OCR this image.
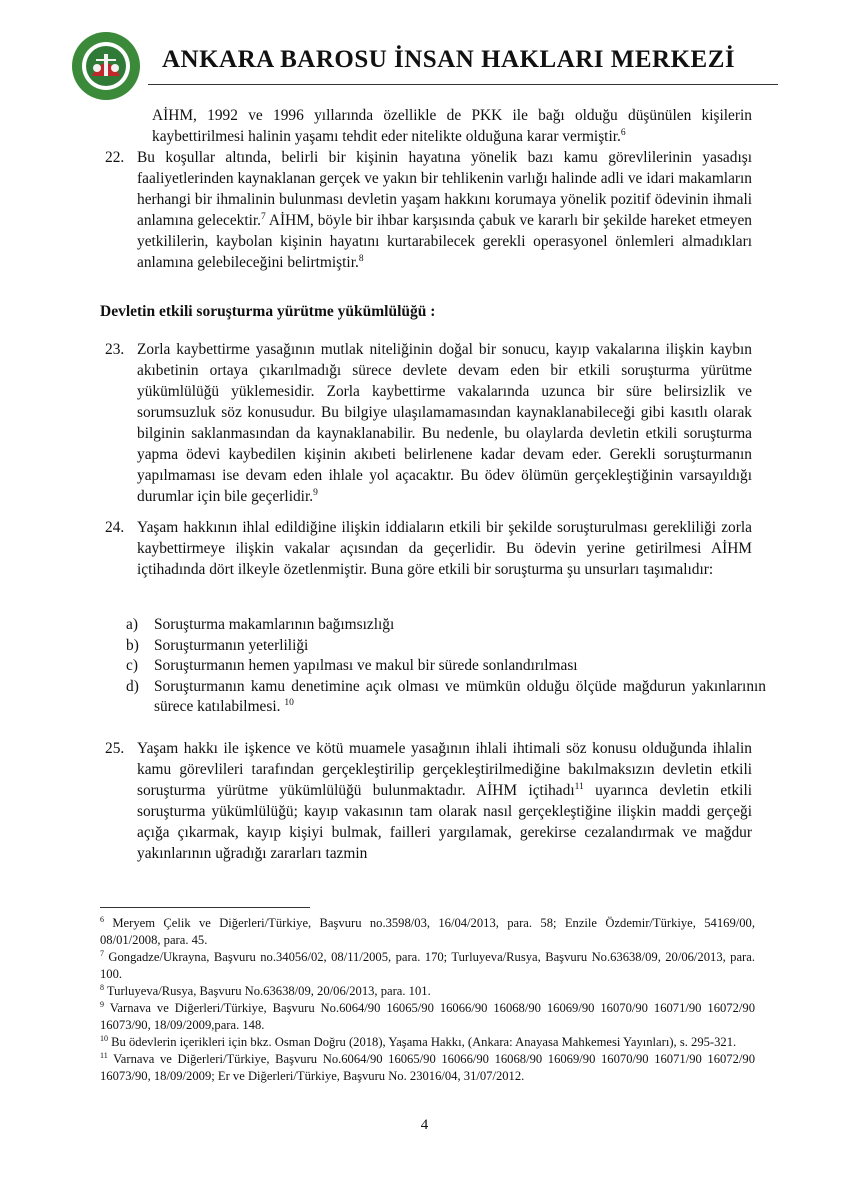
ANKARA BAROSU İNSAN HAKLARI MERKEZİ

AİHM, 1992 ve 1996 yıllarında özellikle de PKK ile bağı olduğu düşünülen kişilerin kaybettirilmesi halinin yaşamı tehdit eder nitelikte olduğuna karar vermiştir.$^6$

22. Bu koşullar altında, belirli bir kişinin hayatına yönelik bazı kamu görevlilerinin yasadışı faaliyetlerinden kaynaklanan gerçek ve yakın bir tehlikenin varlığı halinde adli ve idari makamların herhangi bir ihmalinin bulunması devletin yaşam hakkını korumaya yönelik pozitif ödevinin ihmali anlamına gelecektir.$^7$ AİHM, böyle bir ihbar karşısında çabuk ve kararlı bir şekilde hareket etmeyen yetkililerin, kaybolan kişinin hayatını kurtarabilecek gerekli operasyonel önlemleri almadıkları anlamına gelebileceğini belirtmiştir.$^8$

Devletin etkili soruşturma yürütme yükümlülüğü :
23. Zorla kaybettirme yasağının mutlak niteliğinin doğal bir sonucu, kayıp vakalarına ilişkin kaybın akıbetinin ortaya çıkarılmadığı sürece devlete devam eden bir etkili soruşturma yürütme yükümlülüğü yüklemesidir. Zorla kaybettirme vakalarında uzunca bir süre belirsizlik ve sorumsuzluk söz konusudur. Bu bilgiye ulaşılamamasından kaynaklanabileceği gibi kasıtlı olarak bilginin saklanmasından da kaynaklanabilir. Bu nedenle, bu olaylarda devletin etkili soruşturma yapma ödevi kaybedilen kişinin akıbeti belirlenene kadar devam eder. Gerekli soruşturmanın yapılmaması ise devam eden ihlale yol açacaktır. Bu ödev ölümün gerçekleştiğinin varsayıldığı durumlar için bile geçerlidir.$^9$

24. Yaşam hakkının ihlal edildiğine ilişkin iddiaların etkili bir şekilde soruşturulması gerekliliği zorla kaybettirmeye ilişkin vakalar açısından da geçerlidir. Bu ödevin yerine getirilmesi AİHM içtihadında dört ilkeyle özetlenmiştir. Buna göre etkili bir soruşturma şu unsurları taşımalıdır:

a) Soruşturma makamlarının bağımsızlığı
b) Soruşturmanın yeterliliği
c) Soruşturmanın hemen yapılması ve makul bir sürede sonlandırılması
d) Soruşturmanın kamu denetimine açık olması ve mümkün olduğu ölçüde mağdurun yakınlarının sürece katılabilmesi. $^{10}$
25. Yaşam hakkı ile işkence ve kötü muamele yasağının ihlali ihtimali söz konusu olduğunda ihlalin kamu görevlileri tarafından gerçekleştirilip gerçekleştirilmediğine bakılmaksızın devletin etkili soruşturma yürütme yükümlülüğü bulunmaktadır. AİHM içtihadı$^{11}$ uyarınca devletin etkili soruşturma yükümlülüğü; kayıp vakasının tam olarak nasıl gerçekleştiğine ilişkin maddi gerçeği açığa çıkarmak, kayıp kişiyi bulmak, failleri yargılamak, gerekirse cezalandırmak ve mağdur yakınlarının uğradığı zararları tazmin

$^6$ Meryem Çelik ve Diğerleri/Türkiye, Başvuru no.3598/03, 16/04/2013, para. 58; Enzile Özdemir/Türkiye, 54169/00, 08/01/2008, para. 45.
$^7$ Gongadze/Ukrayna, Başvuru no.34056/02, 08/11/2005, para. 170; Turluyeva/Rusya, Başvuru No.63638/09, 20/06/2013, para. 100.
$^8$ Turluyeva/Rusya, Başvuru No.63638/09, 20/06/2013, para. 101.
$^9$ Varnava ve Diğerleri/Türkiye, Başvuru No.6064/90 16065/90 16066/90 16068/90 16069/90 16070/90 16071/90 16072/90 16073/90, 18/09/2009,para. 148.
$^{10}$ Bu ödevlerin içerikleri için bkz. Osman Doğru (2018), Yaşama Hakkı, (Ankara: Anayasa Mahkemesi Yayınları), s. 295-321.
$^{11}$ Varnava ve Diğerleri/Türkiye, Başvuru No.6064/90 16065/90 16066/90 16068/90 16069/90 16070/90 16071/90 16072/90 16073/90, 18/09/2009; Er ve Diğerleri/Türkiye, Başvuru No. 23016/04, 31/07/2012.
4
